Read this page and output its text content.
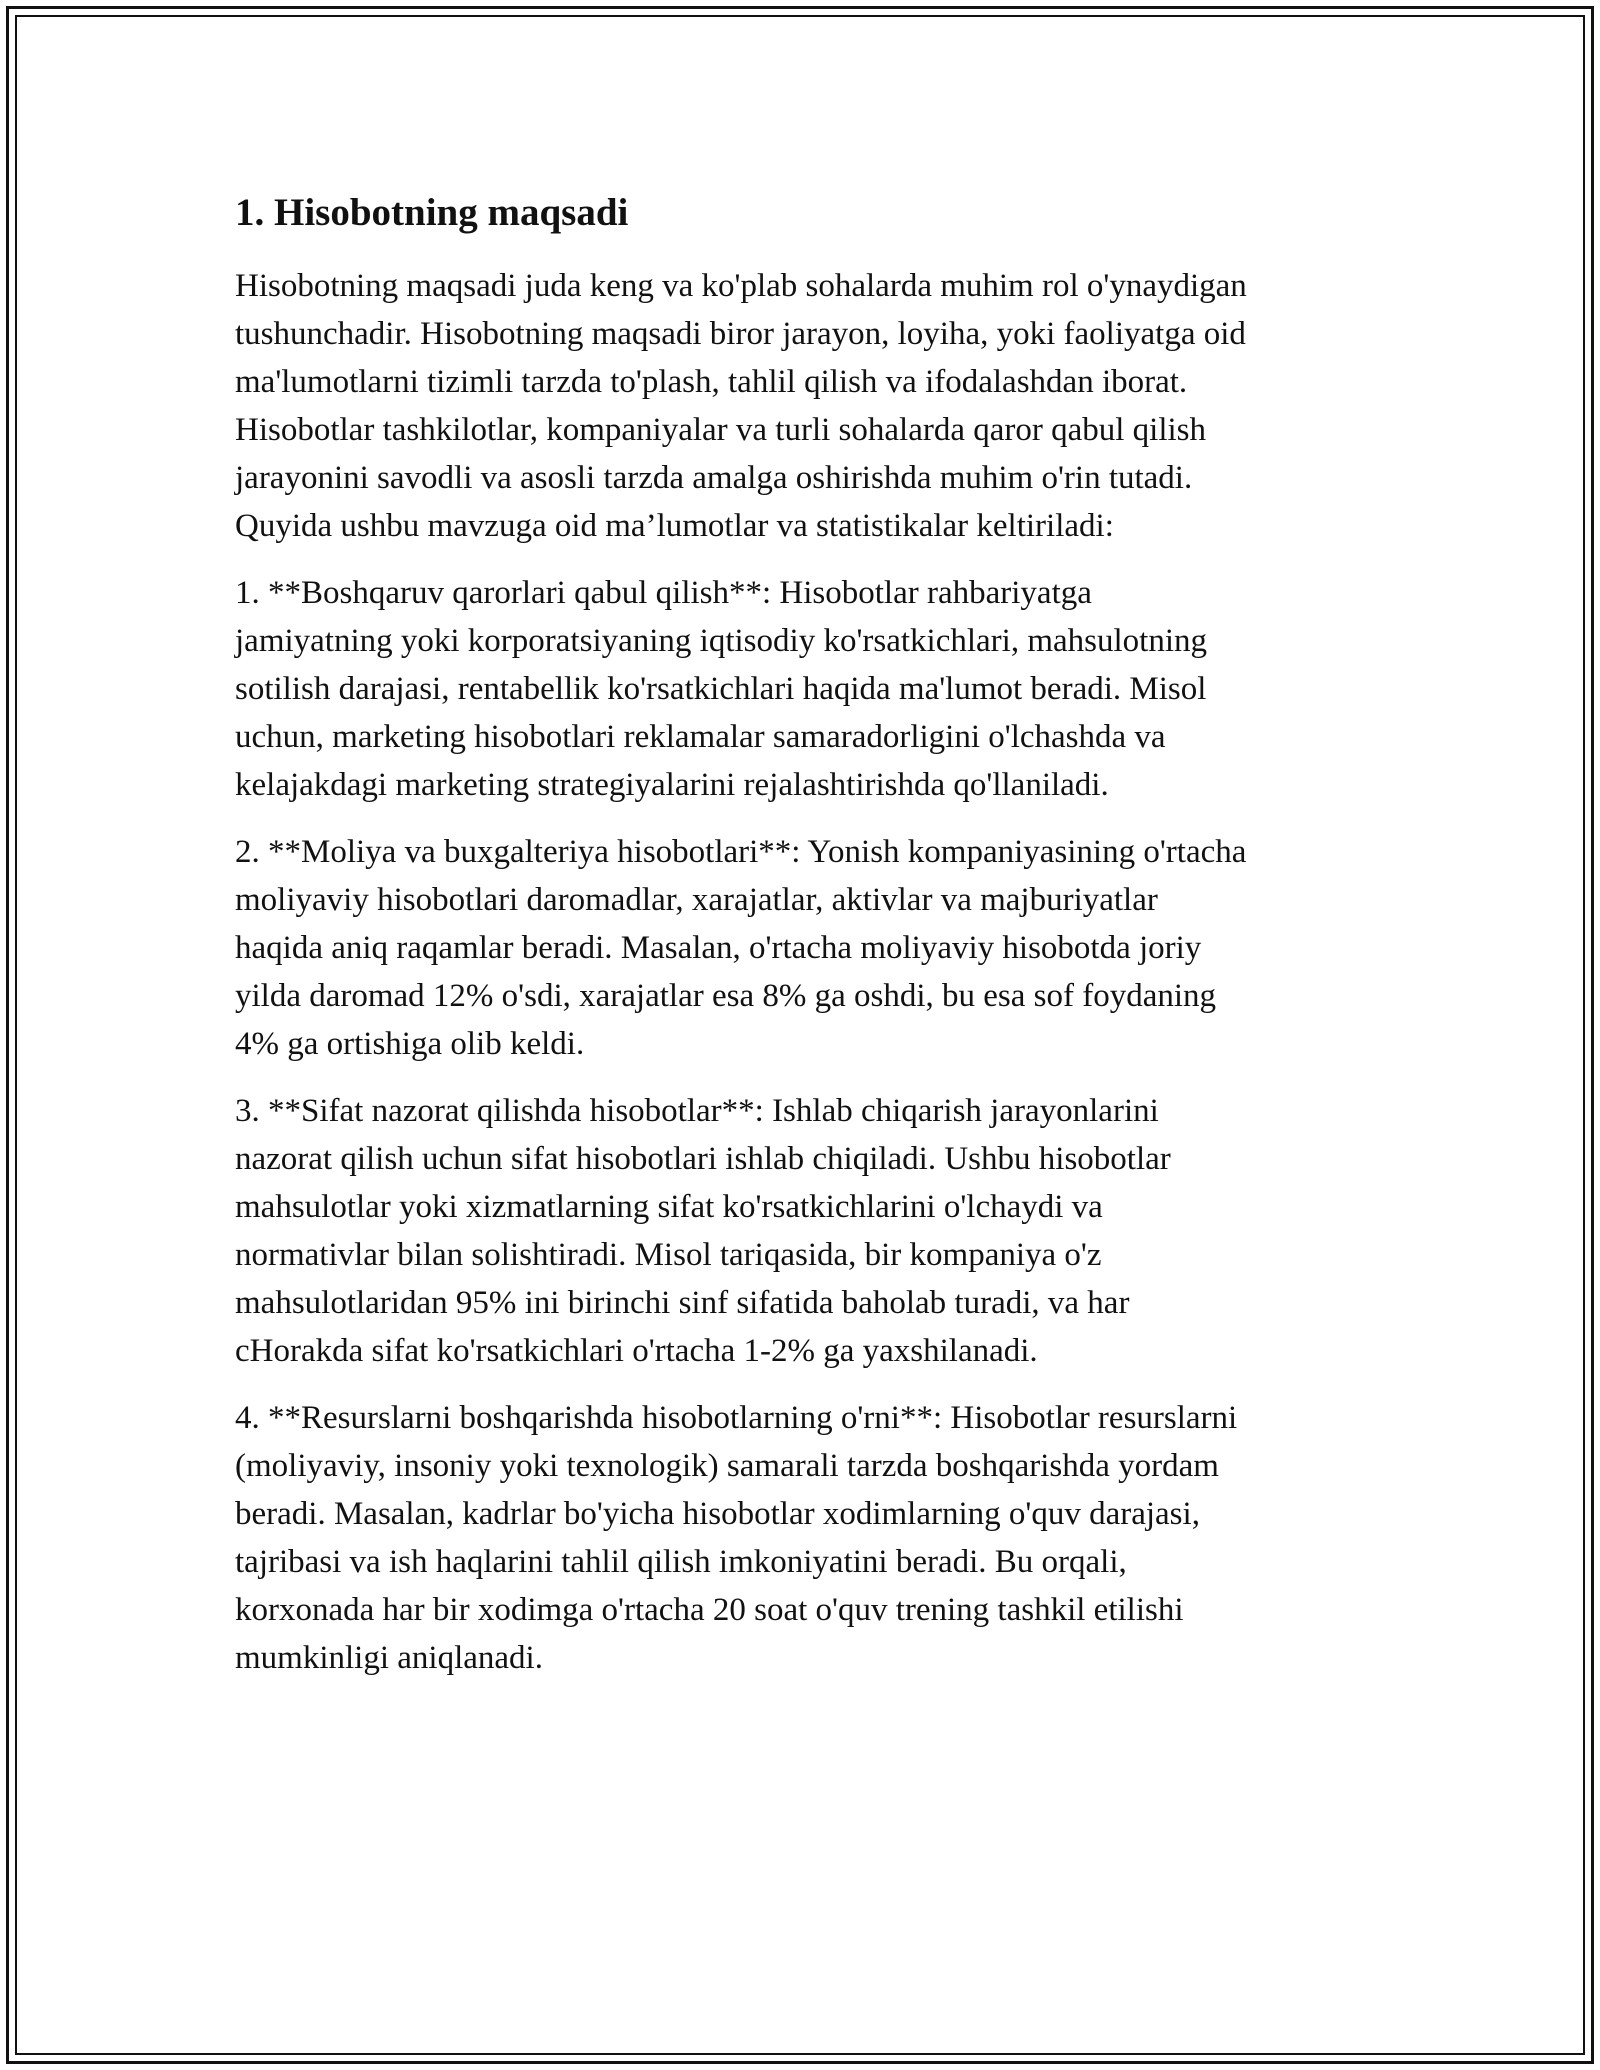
1. Hisobotning maqsadi

Hisobotning maqsadi juda keng va ko'plab sohalarda muhim rol o'ynaydigan
tushunchadir. Hisobotning maqsadi biror jarayon, loyiha, yoki faoliyatga oid
ma'lumotlarni tizimli tarzda to'plash, tahlil qilish va ifodalashdan iborat.
Hisobotlar tashkilotlar, kompaniyalar va turli sohalarda qaror qabul qilish
jarayonini savodli va asosli tarzda amalga oshirishda muhim o'rin tutadi.
Quyida ushbu mavzuga oid ma’lumotlar va statistikalar keltiriladi:

1. **Boshqaruv qarorlari qabul qilish**: Hisobotlar rahbariyatga
jamiyatning yoki korporatsiyaning iqtisodiy ko'rsatkichlari, mahsulotning
sotilish darajasi, rentabellik ko'rsatkichlari haqida ma'lumot beradi. Misol
uchun, marketing hisobotlari reklamalar samaradorligini o'lchashda va
kelajakdagi marketing strategiyalarini rejalashtirishda qo'llaniladi.

2. **Moliya va buxgalteriya hisobotlari**: Yonish kompaniyasining o'rtacha
moliyaviy hisobotlari daromadlar, xarajatlar, aktivlar va majburiyatlar
haqida aniq raqamlar beradi. Masalan, o'rtacha moliyaviy hisobotda joriy
yilda daromad 12% o'sdi, xarajatlar esa 8% ga oshdi, bu esa sof foydaning
4% ga ortishiga olib keldi.

3. **Sifat nazorat qilishda hisobotlar**: Ishlab chiqarish jarayonlarini
nazorat qilish uchun sifat hisobotlari ishlab chiqiladi. Ushbu hisobotlar
mahsulotlar yoki xizmatlarning sifat ko'rsatkichlarini o'lchaydi va
normativlar bilan solishtiradi. Misol tariqasida, bir kompaniya o'z
mahsulotlaridan 95% ini birinchi sinf sifatida baholab turadi, va har
cHorakda sifat ko'rsatkichlari o'rtacha 1-2% ga yaxshilanadi.

4. **Resurslarni boshqarishda hisobotlarning o'rni**: Hisobotlar resurslarni
(moliyaviy, insoniy yoki texnologik) samarali tarzda boshqarishda yordam
beradi. Masalan, kadrlar bo'yicha hisobotlar xodimlarning o'quv darajasi,
tajribasi va ish haqlarini tahlil qilish imkoniyatini beradi. Bu orqali,
korxonada har bir xodimga o'rtacha 20 soat o'quv trening tashkil etilishi
mumkinligi aniqlanadi.
